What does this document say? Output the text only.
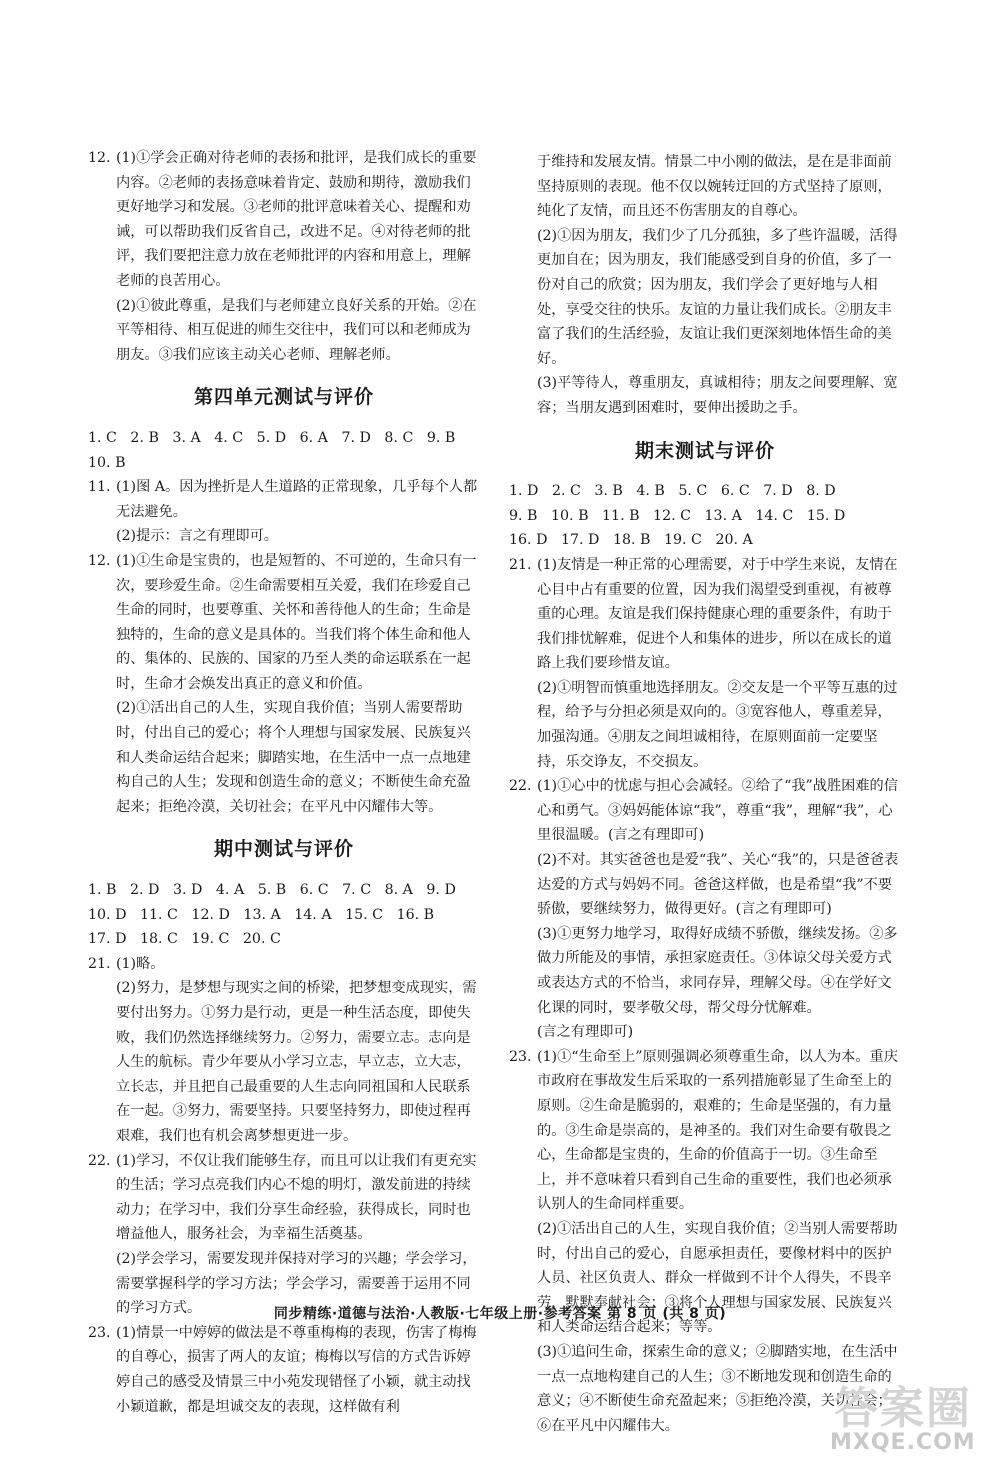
12. (1)①学会正确对待老师的表扬和批评，是我们成长的重要内容。②老师的表扬意味着肯定、鼓励和期待，激励我们更好地学习和发展。③老师的批评意味着关心、提醒和劝诫，可以帮助我们反省自己，改进不足。④对待老师的批评，我们要把注意力放在老师批评的内容和用意上，理解老师的良苦用心。

(2)①彼此尊重，是我们与老师建立良好关系的开始。②在平等相待、相互促进的师生交往中，我们可以和老师成为朋友。③我们应该主动关心老师、理解老师。

第四单元测试与评价

1. C   2. B   3. A   4. C   5. D   6. A   7. D   8. C   9. B

10. B

11. (1)图 A。因为挫折是人生道路的正常现象，几乎每个人都无法避免。

(2)提示：言之有理即可。

12. (1)①生命是宝贵的，也是短暂的、不可逆的，生命只有一次，要珍爱生命。②生命需要相互关爱，我们在珍爱自己生命的同时，也要尊重、关怀和善待他人的生命；生命是独特的，生命的意义是具体的。当我们将个体生命和他人的、集体的、民族的、国家的乃至人类的命运联系在一起时，生命才会焕发出真正的意义和价值。

(2)①活出自己的人生，实现自我价值；当别人需要帮助时，付出自己的爱心；将个人理想与国家发展、民族复兴和人类命运结合起来；脚踏实地，在生活中一点一点地建构自己的人生；发现和创造生命的意义；不断使生命充盈起来；拒绝冷漠，关切社会；在平凡中闪耀伟大等。

期中测试与评价

1. B   2. D   3. D   4. A   5. B   6. C   7. C   8. A   9. D

10. D   11. C   12. D   13. A   14. A   15. C   16. B

17. D   18. C   19. C   20. C

21. (1)略。

(2)努力，是梦想与现实之间的桥梁，把梦想变成现实，需要付出努力。①努力是行动，更是一种生活态度，即使失败，我们仍然选择继续努力。②努力，需要立志。志向是人生的航标。青少年要从小学习立志，早立志，立大志，立长志，并且把自己最重要的人生志向同祖国和人民联系在一起。③努力，需要坚持。只要坚持努力，即使过程再艰难，我们也有机会离梦想更进一步。

22. (1)学习，不仅让我们能够生存，而且可以让我们有更充实的生活；学习点亮我们内心不熄的明灯，激发前进的持续动力；在学习中，我们分享生命经验，获得成长，同时也增益他人，服务社会，为幸福生活奠基。

(2)学会学习，需要发现并保持对学习的兴趣；学会学习，需要掌握科学的学习方法；学会学习，需要善于运用不同的学习方式。

23. (1)情景一中婷婷的做法是不尊重梅梅的表现，伤害了梅梅的自尊心，损害了两人的友谊；梅梅以写信的方式告诉婷婷自己的感受及情景三中小苑发现错怪了小颖，就主动找小颖道歉，都是坦诚交友的表现，这样做有利

于维持和发展友情。情景二中小刚的做法，是在是非面前坚持原则的表现。他不仅以婉转迂回的方式坚持了原则，纯化了友情，而且还不伤害朋友的自尊心。

(2)①因为朋友，我们少了几分孤独，多了些许温暖，活得更加自在；因为朋友，我们能感受到自身的价值，多了一份对自己的欣赏；因为朋友，我们学会了更好地与人相处，享受交往的快乐。友谊的力量让我们成长。②朋友丰富了我们的生活经验，友谊让我们更深刻地体悟生命的美好。

(3)平等待人，尊重朋友，真诚相待；朋友之间要理解、宽容；当朋友遇到困难时，要伸出援助之手。

期末测试与评价

1. D   2. C   3. B   4. B   5. C   6. C   7. D   8. D

9. B   10. B   11. B   12. C   13. A   14. C   15. D

16. D   17. D   18. B   19. C   20. A

21. (1)友情是一种正常的心理需要，对于中学生来说，友情在心目中占有重要的位置，因为我们渴望受到重视，有被尊重的心理。友谊是我们保持健康心理的重要条件，有助于我们排忧解难，促进个人和集体的进步，所以在成长的道路上我们要珍惜友谊。

(2)①明智而慎重地选择朋友。②交友是一个平等互惠的过程，给予与分担必须是双向的。③宽容他人，尊重差异，加强沟通。④朋友之间坦诚相待，在原则面前一定要坚持，乐交诤友，不交损友。

22. (1)①心中的忧虑与担心会减轻。②给了“我”战胜困难的信心和勇气。③妈妈能体谅“我”，尊重“我”，理解“我”，心里很温暖。(言之有理即可)

(2)不对。其实爸爸也是爱“我”、关心“我”的，只是爸爸表达爱的方式与妈妈不同。爸爸这样做，也是希望“我”不要骄傲，要继续努力，做得更好。(言之有理即可)

(3)①更努力地学习，取得好成绩不骄傲，继续发扬。②多做力所能及的事情，承担家庭责任。③体谅父母关爱方式或表达方式的不恰当，求同存异，理解父母。④在学好文化课的同时，要孝敬父母，帮父母分忧解难。

(言之有理即可)

23. (1)①“生命至上”原则强调必须尊重生命，以人为本。重庆市政府在事故发生后采取的一系列措施彰显了生命至上的原则。②生命是脆弱的，艰难的；生命是坚强的，有力量的。③生命是崇高的，是神圣的。我们对生命要有敬畏之心，生命都是宝贵的，生命的价值高于一切。③生命至上，并不意味着只看到自己生命的重要性，我们也必须承认别人的生命同样重要。

(2)①活出自己的人生，实现自我价值；②当别人需要帮助时，付出自己的爱心，自愿承担责任，要像材料中的医护人员、社区负责人、群众一样做到不计个人得失，不畏辛劳，默默奉献社会；③将个人理想与国家发展、民族复兴和人类命运结合起来；等等。

(3)①追问生命，探索生命的意义；②脚踏实地，在生活中一点一点地构建自己的人生；③不断地发现和创造生命的意义；④不断使生命充盈起来；⑤拒绝冷漠，关切社会；⑥在平凡中闪耀伟大。

同步精练·道德与法治·人教版·七年级上册·参考答案 第 8 页 (共 8 页)
答案圈
MXQE.COM
